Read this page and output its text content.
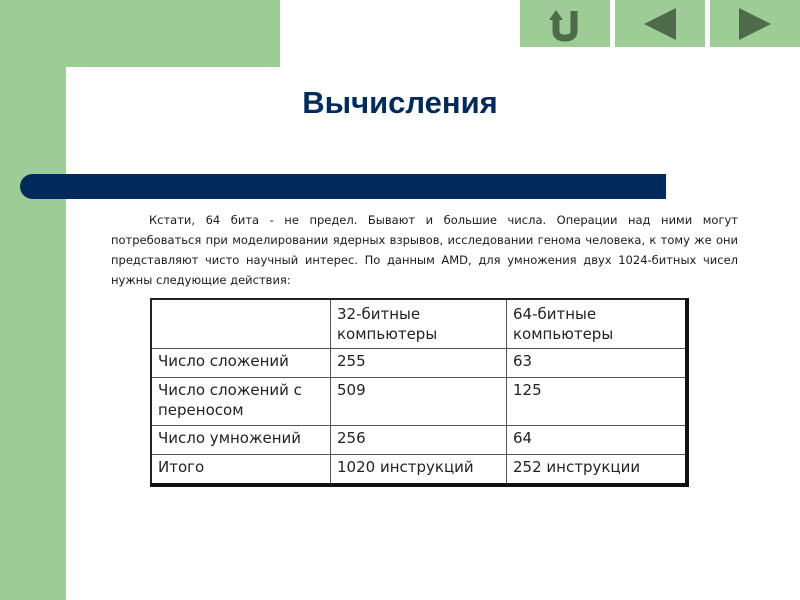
Вычисления

Кстати, 64 бита - не предел. Бывают и большие числа. Операции над ними могут потребоваться при моделировании ядерных взрывов, исследовании генома человека, к тому же они представляют чисто научный интерес. По данным AMD, для умножения двух 1024-битных чисел нужны следующие действия:

	32-битные компьютеры	64-битные компьютеры
Число сложений	255	63
Число сложений с переносом	509	125
Число умножений	256	64
Итого	1020 инструкций	252 инструкции
